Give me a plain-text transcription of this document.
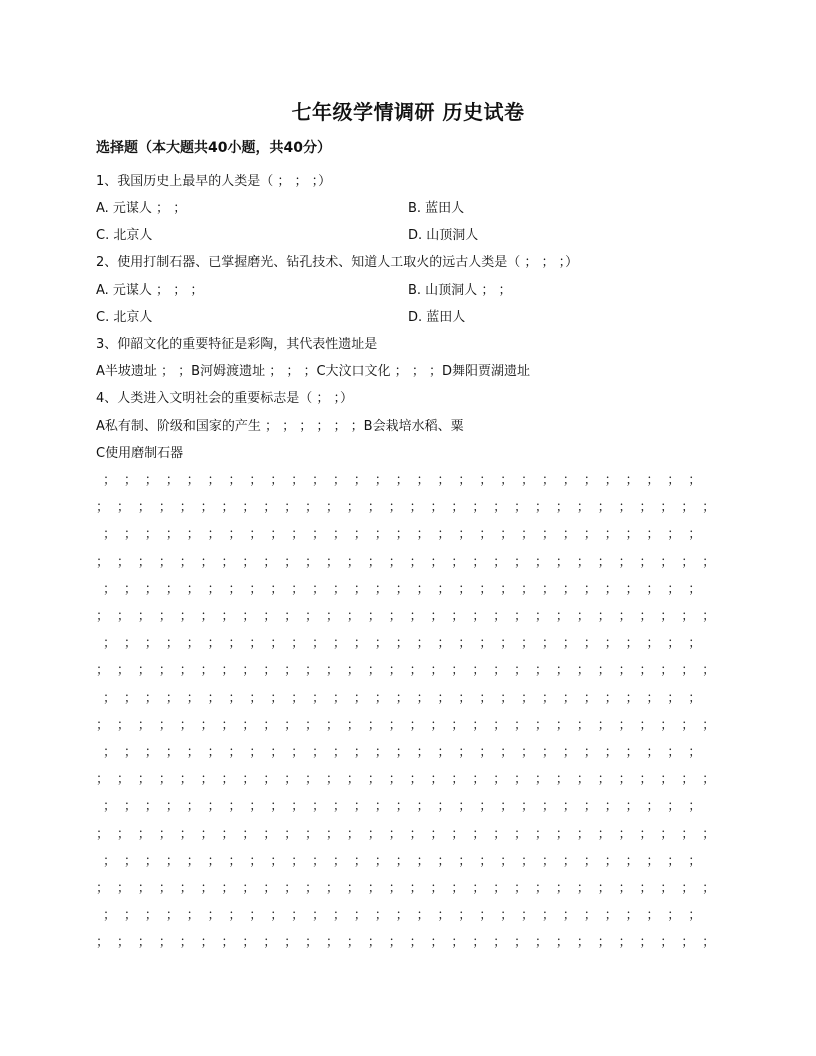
七年级学情调研 历史试卷
选择题（本大题共40小题，共40分）
1、我国历史上最早的人类是（ ； ； ；）
A. 元谋人 ； ；	B. 蓝田人
C. 北京人	D. 山顶洞人
2、使用打制石器、已掌握磨光、钻孔技术、知道人工取火的远古人类是（ ； ； ；）
A. 元谋人 ； ； ；	B. 山顶洞人 ； ；
C. 北京人	D. 蓝田人
3、仰韶文化的重要特征是彩陶，其代表性遗址是
A半坡遗址 ； ；B河姆渡遗址 ； ； ；C大汶口文化 ； ； ；D舞阳贾湖遗址
4、人类进入文明社会的重要标志是（ ； ；）
A私有制、阶级和国家的产生 ； ； ； ； ； ；B会栽培水稻、粟
C使用磨制石器
； ； ； ； ； ； ； ； ； ； ； ； ； ； ； ； ； ； ； ； ； ； ； ； ； ； ； ； ；
； ； ； ； ； ； ； ； ； ； ； ； ； ； ； ； ； ； ； ； ； ； ； ； ； ； ； ； ； ；
； ； ； ； ； ； ； ； ； ； ； ； ； ； ； ； ； ； ； ； ； ； ； ； ； ； ； ； ；
； ； ； ； ； ； ； ； ； ； ； ； ； ； ； ； ； ； ； ； ； ； ； ； ； ； ； ； ； ；
； ； ； ； ； ； ； ； ； ； ； ； ； ； ； ； ； ； ； ； ； ； ； ； ； ； ； ； ；
； ； ； ； ； ； ； ； ； ； ； ； ； ； ； ； ； ； ； ； ； ； ； ； ； ； ； ； ； ；
； ； ； ； ； ； ； ； ； ； ； ； ； ； ； ； ； ； ； ； ； ； ； ； ； ； ； ； ；
； ； ； ； ； ； ； ； ； ； ； ； ； ； ； ； ； ； ； ； ； ； ； ； ； ； ； ； ； ；
； ； ； ； ； ； ； ； ； ； ； ； ； ； ； ； ； ； ； ； ； ； ； ； ； ； ； ； ；
； ； ； ； ； ； ； ； ； ； ； ； ； ； ； ； ； ； ； ； ； ； ； ； ； ； ； ； ； ；
； ； ； ； ； ； ； ； ； ； ； ； ； ； ； ； ； ； ； ； ； ； ； ； ； ； ； ； ；
； ； ； ； ； ； ； ； ； ； ； ； ； ； ； ； ； ； ； ； ； ； ； ； ； ； ； ； ； ；
； ； ； ； ； ； ； ； ； ； ； ； ； ； ； ； ； ； ； ； ； ； ； ； ； ； ； ； ；
； ； ； ； ； ； ； ； ； ； ； ； ； ； ； ； ； ； ； ； ； ； ； ； ； ； ； ； ； ；
； ； ； ； ； ； ； ； ； ； ； ； ； ； ； ； ； ； ； ； ； ； ； ； ； ； ； ； ；
； ； ； ； ； ； ； ； ； ； ； ； ； ； ； ； ； ； ； ； ； ； ； ； ； ； ； ； ； ；
； ； ； ； ； ； ； ； ； ； ； ； ； ； ； ； ； ； ； ； ； ； ； ； ； ； ； ； ；
； ； ； ； ； ； ； ； ； ； ； ； ； ； ； ； ； ； ； ； ； ； ； ； ； ； ； ； ； ；
